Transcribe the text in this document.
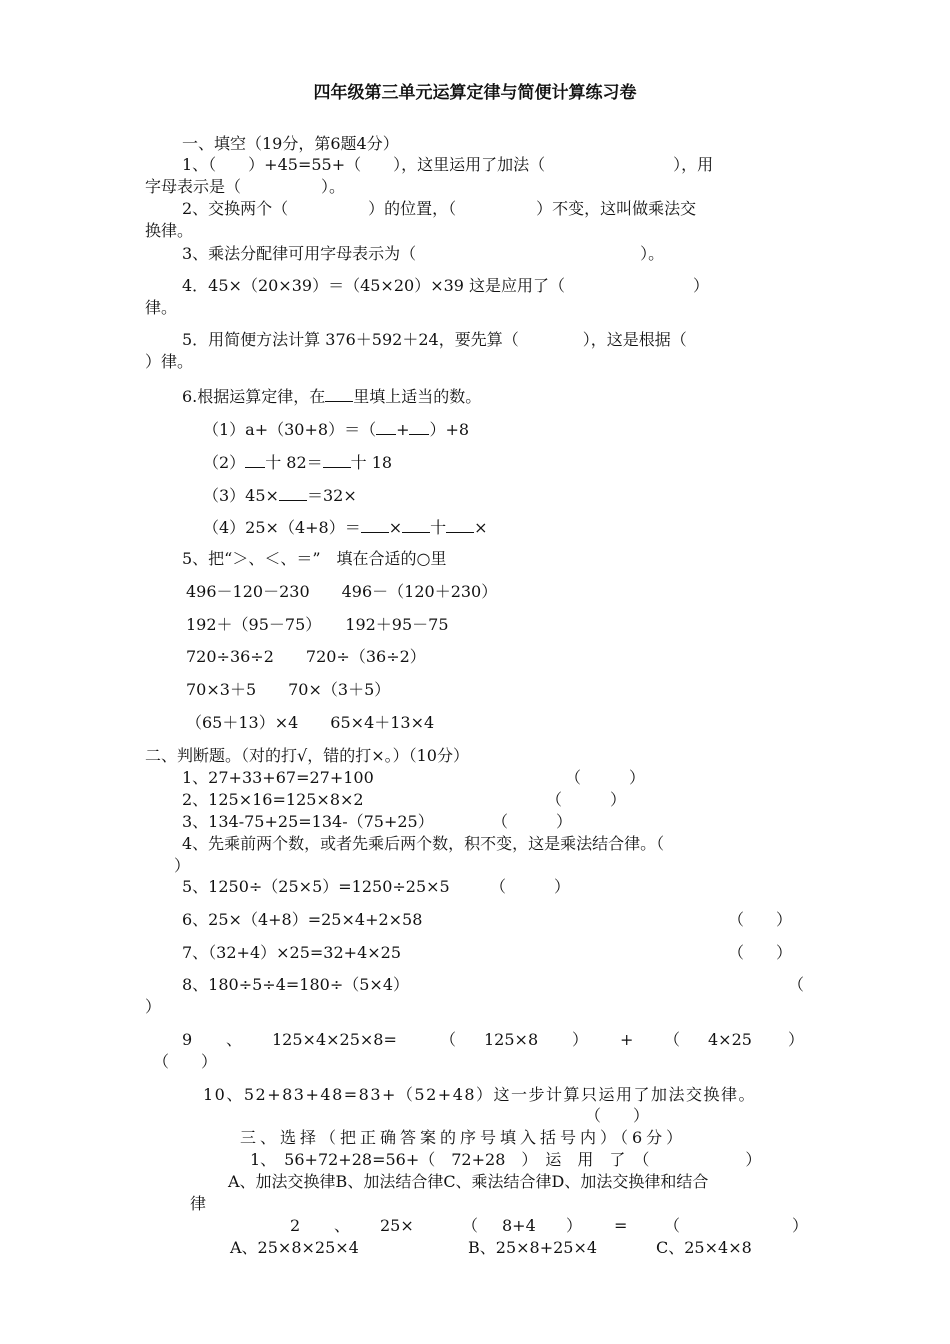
四年级第三单元运算定律与简便计算练习卷
一、填空（19分，第6题4分）
1、（　　）+45=55+（　　），这里运用了加法（　　　　　　　　），用
字母表示是（　　　　　）。
2、交换两个（　　　　　）的位置，（　　　　　）不变，这叫做乘法交
换律。
3、乘法分配律可用字母表示为（　　　　　　　　　　　　　　）。
4．45×（20×39）＝（45×20）×39 这是应用了（　　　　　　　　）
律。
5．用简便方法计算 376＋592＋24，要先算（　　　　），这是根据（
）律。
6.根据运算定律，在 里填上适当的数。
（1）a+（30+8）＝（ + ）+8
（2） 十 82＝ 十 18
（3）45× ＝32×
（4）25×（4+8）＝ × 十 ×
5、把“＞、＜、＝”　填在合适的○里
496－120－230　　496－（120＋230）
192＋（95－75）　　192＋95－75
720÷36÷2　　720÷（36÷2）
70×3＋5　　70×（3＋5）
（65＋13）×4　　65×4＋13×4
二、判断题。（对的打√，错的打×。）（10分）
1、27+33+67=27+100	（　　　）
2、125×16=125×8×2	（　　　）
3、134-75+25=134-（75+25）	（　　　）
4、先乘前两个数，或者先乘后两个数，积不变，这是乘法结合律。（
）
5、1250÷（25×5）=1250÷25×5	（　　　）
6、25×（4+8）=25×4+2×58	（　　）
7、（32+4）×25=32+4×25	（　　）
8、180÷5÷4=180÷（5×4）	（
）
9 、 125×4×25×8=	（ 125×8 ） + （ 4×25 ）
（　　）
10、52+83+48=83+（52+48）这一步计算只运用了加法交换律。
（　　）
三、选择（把正确答案的序号填入括号内）（6分）
1、　56+72+28=56+（　72+28　）　运　用　了　（　　　　　　）
A、加法交换律B、加法结合律C、乘法结合律D、加法交换律和结合
律
2 、 25×	（ 8+4 ） = （　　　　　　　）
A、25×8×25×4	B、25×8+25×4	C、25×4×8
